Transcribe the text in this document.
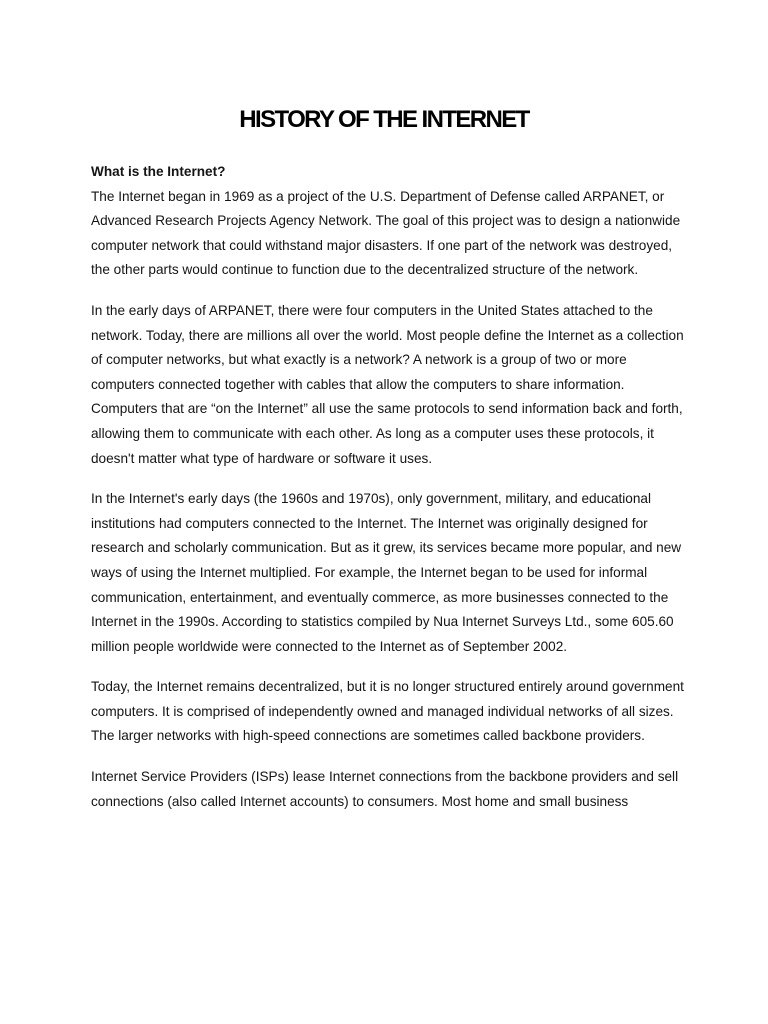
HISTORY OF THE INTERNET
What is the Internet?

The Internet began in 1969 as a project of the U.S. Department of Defense called ARPANET, or Advanced Research Projects Agency Network. The goal of this project was to design a nationwide computer network that could withstand major disasters. If one part of the network was destroyed, the other parts would continue to function due to the decentralized structure of the network.

In the early days of ARPANET, there were four computers in the United States attached to the network. Today, there are millions all over the world. Most people define the Internet as a collection of computer networks, but what exactly is a network? A network is a group of two or more computers connected together with cables that allow the computers to share information. Computers that are “on the Internet” all use the same protocols to send information back and forth, allowing them to communicate with each other. As long as a computer uses these protocols, it doesn't matter what type of hardware or software it uses.

In the Internet's early days (the 1960s and 1970s), only government, military, and educational institutions had computers connected to the Internet. The Internet was originally designed for research and scholarly communication. But as it grew, its services became more popular, and new ways of using the Internet multiplied. For example, the Internet began to be used for informal communication, entertainment, and eventually commerce, as more businesses connected to the Internet in the 1990s. According to statistics compiled by Nua Internet Surveys Ltd., some 605.60 million people worldwide were connected to the Internet as of September 2002.

Today, the Internet remains decentralized, but it is no longer structured entirely around government computers. It is comprised of independently owned and managed individual networks of all sizes. The larger networks with high-speed connections are sometimes called backbone providers.

Internet Service Providers (ISPs) lease Internet connections from the backbone providers and sell connections (also called Internet accounts) to consumers. Most home and small business
